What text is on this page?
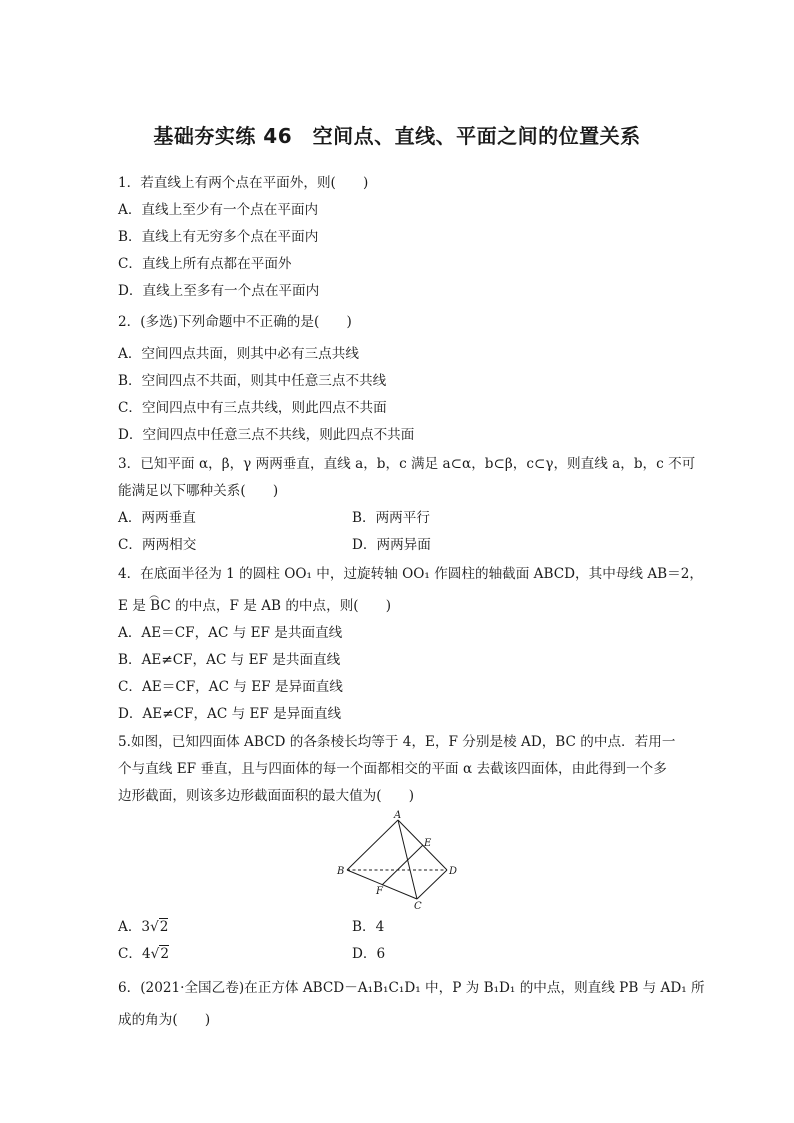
基础夯实练 46　空间点、直线、平面之间的位置关系
1．若直线上有两个点在平面外，则(　　)
A．直线上至少有一个点在平面内
B．直线上有无穷多个点在平面内
C．直线上所有点都在平面外
D．直线上至多有一个点在平面内
2．(多选)下列命题中不正确的是(　　)
A．空间四点共面，则其中必有三点共线
B．空间四点不共面，则其中任意三点不共线
C．空间四点中有三点共线，则此四点不共面
D．空间四点中任意三点不共线，则此四点不共面
3．已知平面 α，β，γ 两两垂直，直线 a，b，c 满足 a⊂α，b⊂β，c⊂γ，则直线 a，b，c 不可
能满足以下哪种关系(　　)
A．两两垂直	B．两两平行
C．两两相交	D．两两异面
4．在底面半径为 1 的圆柱 OO₁ 中，过旋转轴 OO₁ 作圆柱的轴截面 ABCD，其中母线 AB＝2，
E 是
︵
BC 的中点，F 是 AB 的中点，则(　　)
A．AE＝CF，AC 与 EF 是共面直线
B．AE≠CF，AC 与 EF 是共面直线
C．AE＝CF，AC 与 EF 是异面直线
D．AE≠CF，AC 与 EF 是异面直线
5.如图，已知四面体 ABCD 的各条棱长均等于 4，E，F 分别是棱 AD，BC 的中点．若用一
个与直线 EF 垂直，且与四面体的每一个面都相交的平面 α 去截该四面体，由此得到一个多
边形截面，则该多边形截面面积的最大值为(　　)
A
B
C
D
E
F
A．3√2	B．4
C．4√2	D．6
6．(2021·全国乙卷)在正方体 ABCD－A₁B₁C₁D₁ 中，P 为 B₁D₁ 的中点，则直线 PB 与 AD₁ 所
成的角为(　　)
